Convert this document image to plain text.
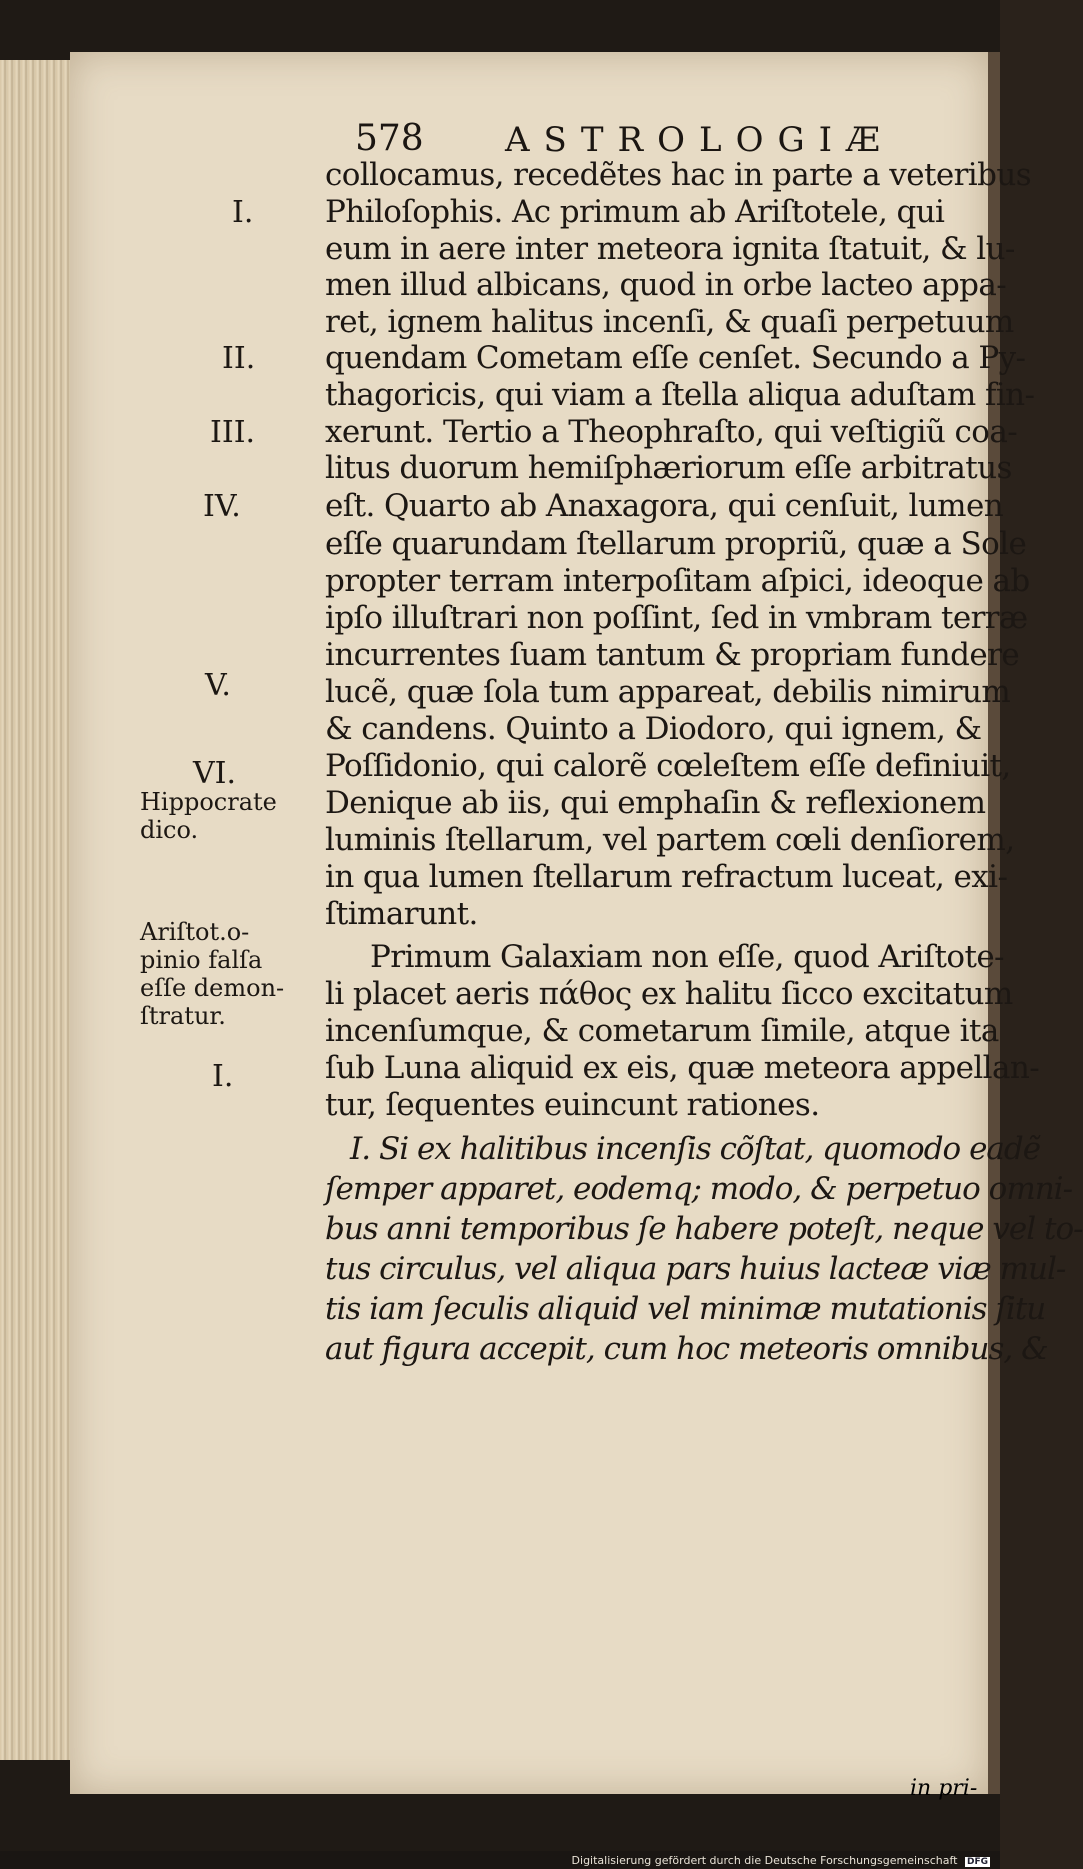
578 ASTROLOGIÆ
I.
II.
III.
IV.
V.
VI.
I.
Hippocrate
dico.
Ariſtot.o-
pinio falſa
eſſe demon-
ſtratur.
collocamus, recedẽtes hac in parte a veteribus
Philoſophis. Ac primum ab Ariſtotele, qui
eum in aere inter meteora ignita ſtatuit, & lu-
men illud albicans, quod in orbe lacteo appa-
ret, ignem halitus incenſi, & quaſi perpetuum
quendam Cometam eſſe cenſet. Secundo a Py-
thagoricis, qui viam a ſtella aliqua aduſtam fin-
xerunt. Tertio a Theophraſto, qui veſtigiũ coa-
litus duorum hemiſphæriorum eſſe arbitratus
eſt. Quarto ab Anaxagora, qui cenſuit, lumen
eſſe quarundam ſtellarum propriũ, quæ a Sole
propter terram interpoſitam aſpici, ideoque ab
ipſo illuſtrari non poſſint, ſed in vmbram terræ
incurrentes ſuam tantum & propriam fundere
lucẽ, quæ ſola tum appareat, debilis nimirum
& candens. Quinto a Diodoro, qui ignem, &
Poſſidonio, qui calorẽ cœleſtem eſſe definiuit,
Denique ab iis, qui emphaſin & reflexionem
luminis ſtellarum, vel partem cœli denſiorem,
in qua lumen ſtellarum refractum luceat, exi-
ſtimarunt.
Primum Galaxiam non eſſe, quod Ariſtote-
li placet aeris πάθος ex halitu ſicco excitatum
incenſumque, & cometarum ſimile, atque ita
ſub Luna aliquid ex eis, quæ meteora appellan-
tur, ſequentes euincunt rationes.
I. Si ex halitibus incenſis cõſtat, quomodo eadẽ
ſemper apparet, eodemq; modo, & perpetuo omni-
bus anni temporibus ſe habere poteſt, neque vel to-
tus circulus, vel aliqua pars huius lacteæ viæ mul-
tis iam ſeculis aliquid vel minimæ mutationis ſitu
aut figura accepit, cum hoc meteoris omnibus, &
in pri-
Digitalisierung gefördert durch die Deutsche Forschungsgemeinschaft DFG
